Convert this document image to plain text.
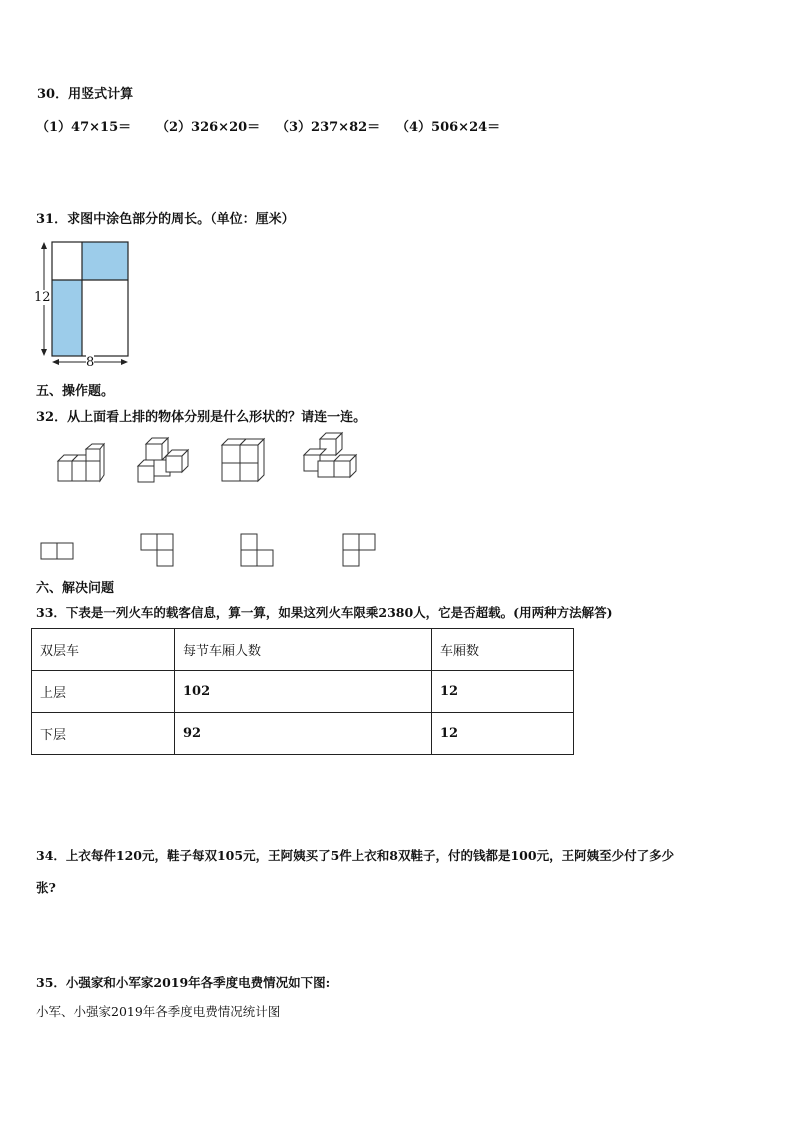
30．用竖式计算
（1）47×15＝ （2）326×20＝ （3）237×82＝ （4）506×24＝
31．求图中涂色部分的周长。（单位：厘米）
12
8
五、操作题。
32．从上面看上排的物体分别是什么形状的？请连一连。
六、解决问题
33．下表是一列火车的载客信息，算一算，如果这列火车限乘2380人，它是否超载。(用两种方法解答)
双层车	每节车厢人数	车厢数
上层	102	12
下层	92	12
34．上衣每件120元，鞋子每双105元，王阿姨买了5件上衣和8双鞋子，付的钱都是100元，王阿姨至少付了多少
张?
35．小强家和小军家2019年各季度电费情况如下图:
小军、小强家2019年各季度电费情况统计图
